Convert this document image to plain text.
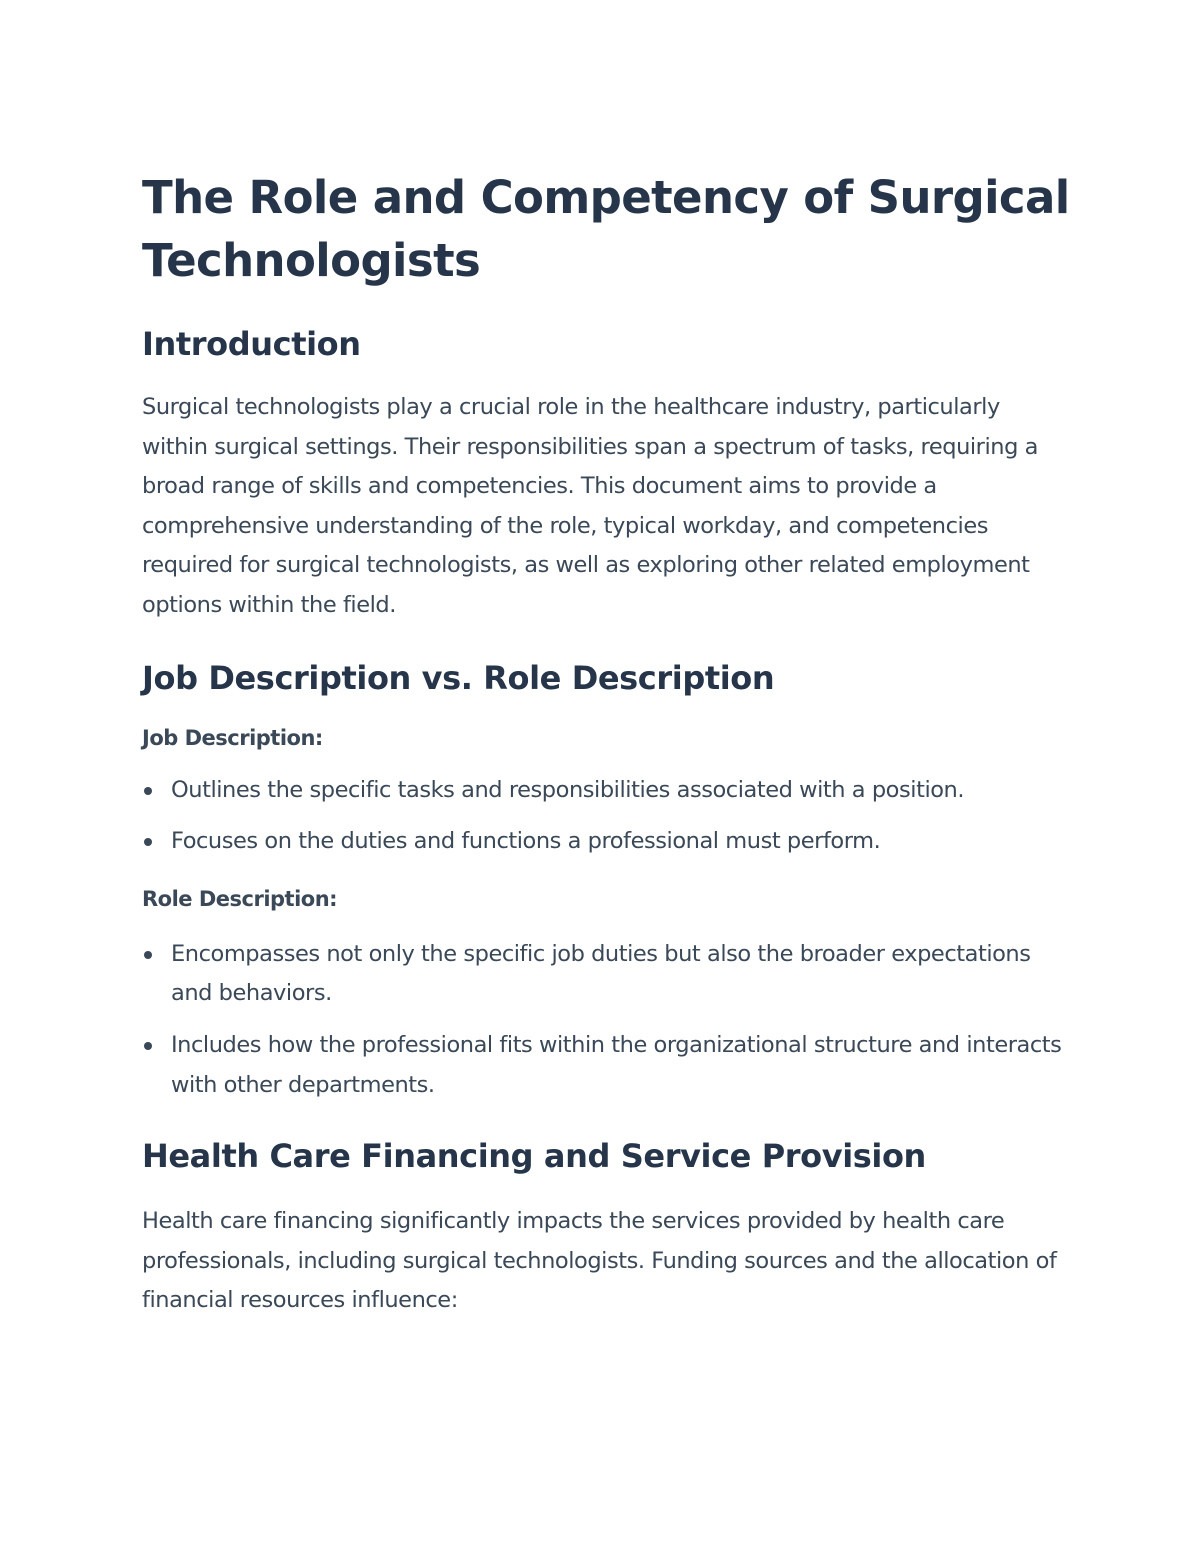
The Role and Competency of Surgical Technologists
Introduction

Surgical technologists play a crucial role in the healthcare industry, particularly within surgical settings. Their responsibilities span a spectrum of tasks, requiring a broad range of skills and competencies. This document aims to provide a comprehensive understanding of the role, typical workday, and competencies required for surgical technologists, as well as exploring other related employment options within the field.

Job Description vs. Role Description
Job Description:
Outlines the specific tasks and responsibilities associated with a position.
Focuses on the duties and functions a professional must perform.
Role Description:
Encompasses not only the specific job duties but also the broader expectations and behaviors.
Includes how the professional fits within the organizational structure and interacts with other departments.
Health Care Financing and Service Provision

Health care financing significantly impacts the services provided by health care professionals, including surgical technologists. Funding sources and the allocation of financial resources influence:
